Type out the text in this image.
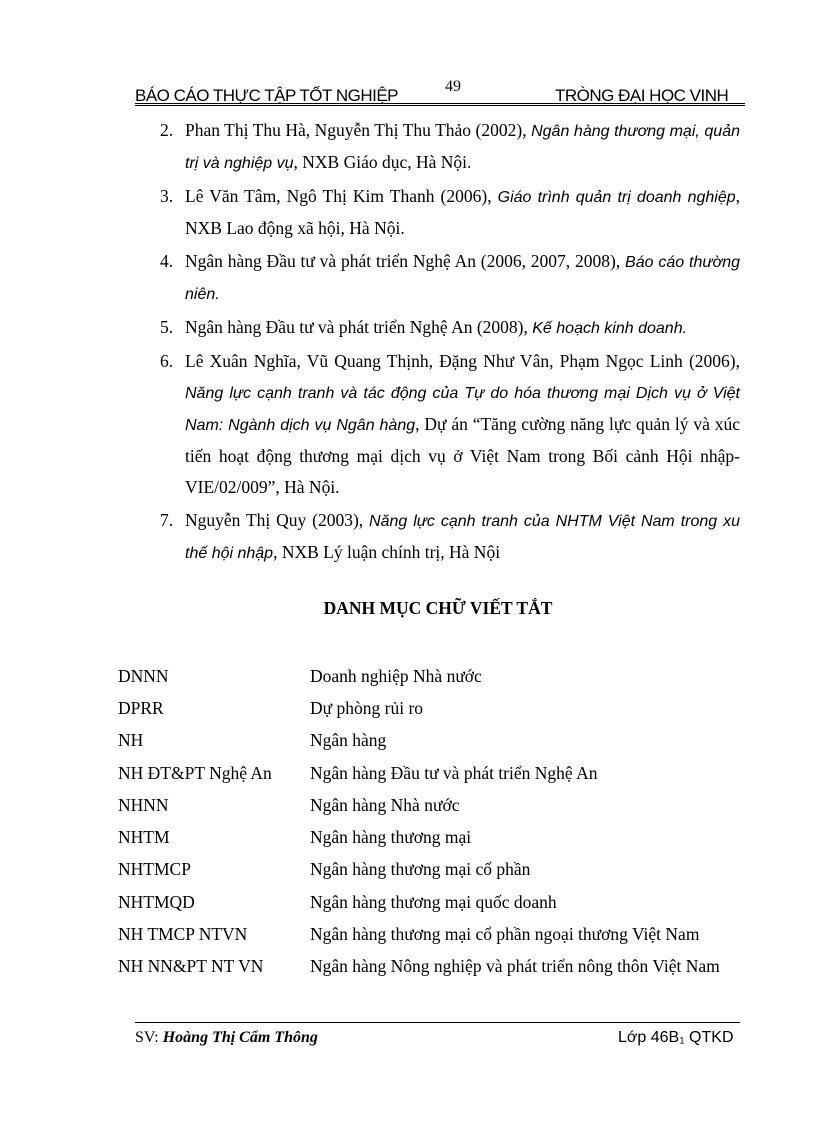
49
BÁO CÁO THỰC TẬP TỐT NGHIỆP	TRÒNG ĐẠI HỌC VINH
2. Phan Thị Thu Hà, Nguyễn Thị Thu Thảo (2002), Ngân hàng thương mại, quản trị và nghiệp vụ, NXB Giáo dục, Hà Nội.
3. Lê Văn Tâm, Ngô Thị Kim Thanh (2006), Giáo trình quản trị doanh nghiệp, NXB Lao động xã hội, Hà Nội.
4. Ngân hàng Đầu tư và phát triển Nghệ An (2006, 2007, 2008), Báo cáo thường niên.
5. Ngân hàng Đầu tư và phát triển Nghệ An (2008), Kế hoạch kinh doanh.
6. Lê Xuân Nghĩa, Vũ Quang Thịnh, Đặng Như Vân, Phạm Ngọc Linh (2006), Năng lực cạnh tranh và tác động của Tự do hóa thương mại Dịch vụ ở Việt Nam: Ngành dịch vụ Ngân hàng, Dự án “Tăng cường năng lực quản lý và xúc tiến hoạt động thương mại dịch vụ ở Việt Nam trong Bối cảnh Hội nhập- VIE/02/009”, Hà Nội.
7. Nguyễn Thị Quy (2003), Năng lực cạnh tranh của NHTM Việt Nam trong xu thế hội nhập, NXB Lý luận chính trị, Hà Nội
DANH MỤC CHỮ VIẾT TẮT
DNNN	Doanh nghiệp Nhà nước
DPRR	Dự phòng rủi ro
NH	Ngân hàng
NH ĐT&PT Nghệ An	Ngân hàng Đầu tư và phát triển Nghệ An
NHNN	Ngân hàng Nhà nước
NHTM	Ngân hàng thương mại
NHTMCP	Ngân hàng thương mại cổ phần
NHTMQD	Ngân hàng thương mại quốc doanh
NH TMCP NTVN	Ngân hàng thương mại cổ phần ngoại thương Việt Nam
NH NN&PT NT VN	Ngân hàng Nông nghiệp và phát triển nông thôn Việt Nam
SV: Hoàng Thị Cẩm Thông	Lớp 46B₁ QTKD
